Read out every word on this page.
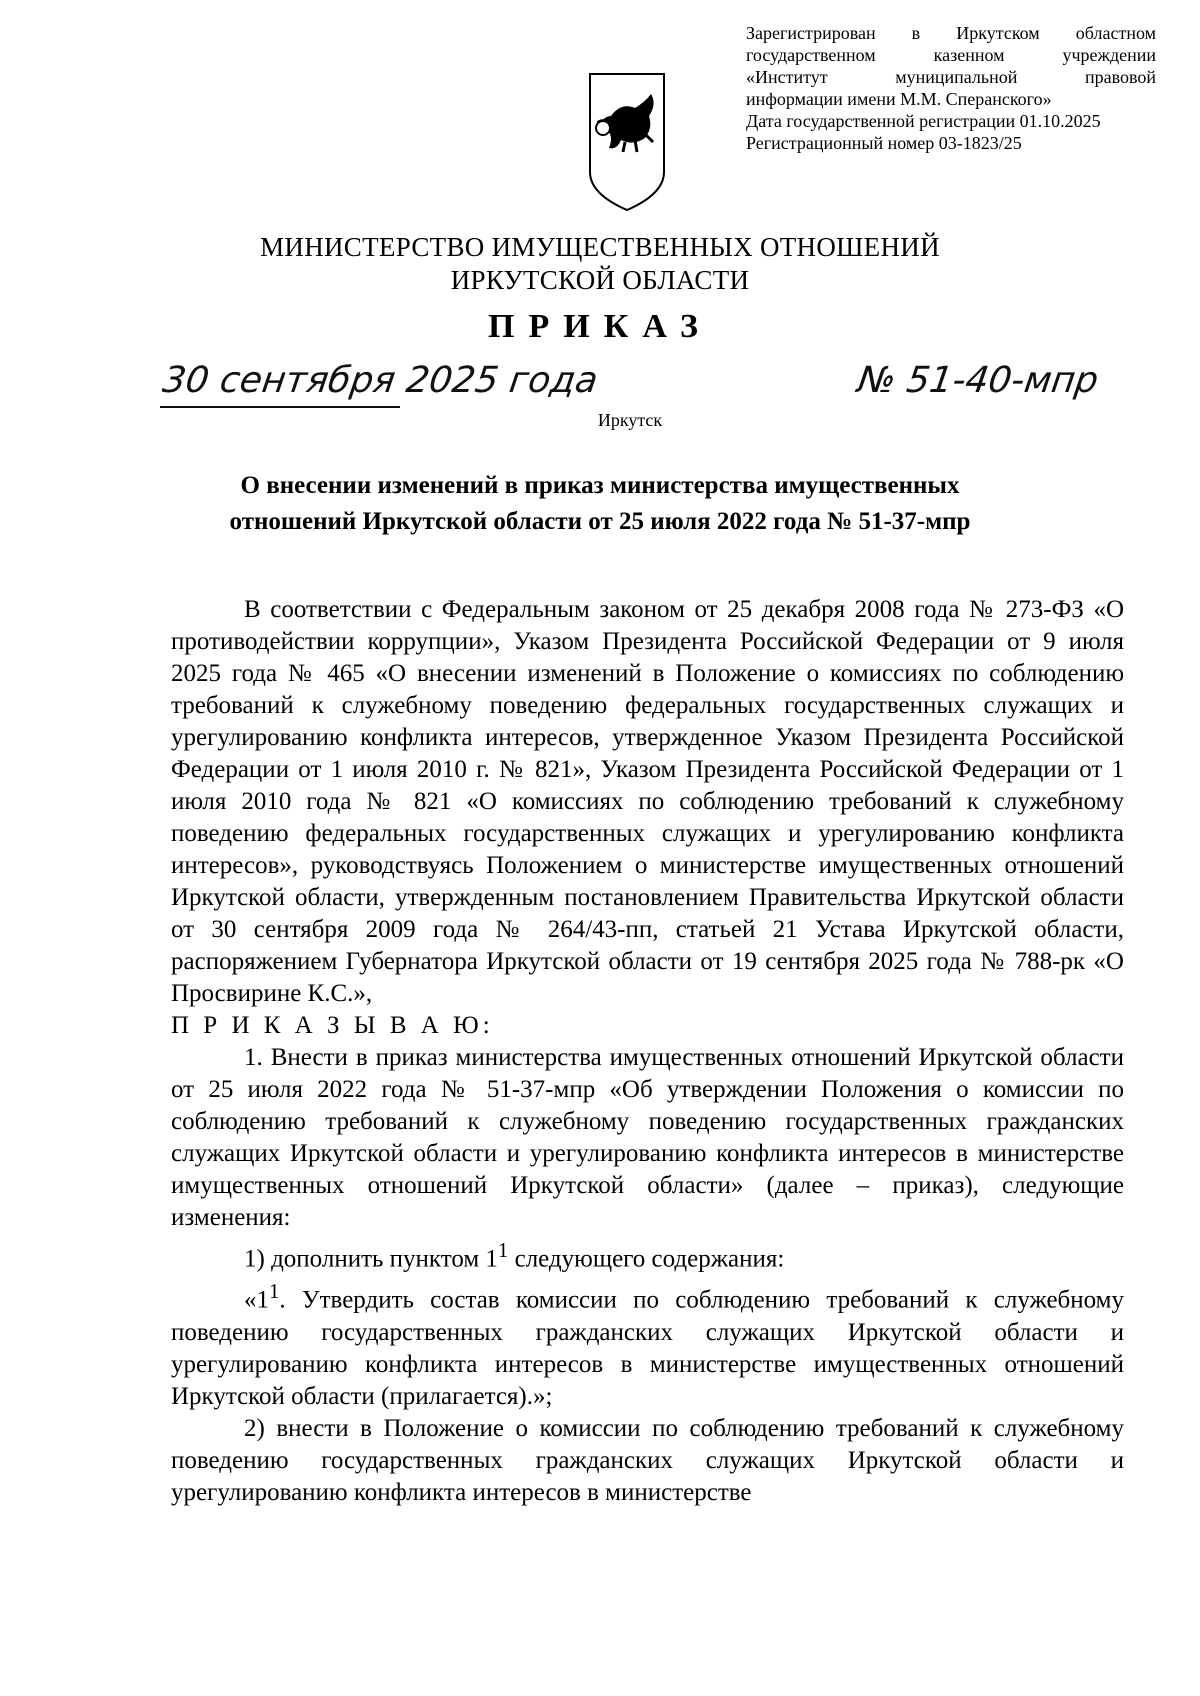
Зарегистрирован в Иркутском областном
государственном казенном учреждении
«Институт муниципальной правовой
информации имени М.М. Сперанского»
Дата государственной регистрации 01.10.2025
Регистрационный номер 03-1823/25
МИНИСТЕРСТВО ИМУЩЕСТВЕННЫХ ОТНОШЕНИЙ
ИРКУТСКОЙ ОБЛАСТИ
ПРИКАЗ
30 сентября 2025 года	№ 51-40-мпр
Иркутск
О внесении изменений в приказ министерства имущественных
отношений Иркутской области от 25 июля 2022 года № 51-37-мпр

В соответствии с Федеральным законом от 25 декабря 2008 года № 273-ФЗ «О противодействии коррупции», Указом Президента Российской Федерации от 9 июля 2025 года № 465 «О внесении изменений в Положение о комиссиях по соблюдению требований к служебному поведению федеральных государственных служащих и урегулированию конфликта интересов, утвержденное Указом Президента Российской Федерации от 1 июля 2010 г. № 821», Указом Президента Российской Федерации от 1 июля 2010 года № 821 «О комиссиях по соблюдению требований к служебному поведению федеральных государственных служащих и урегулированию конфликта интересов», руководствуясь Положением о министерстве имущественных отношений Иркутской области, утвержденным постановлением Правительства Иркутской области от 30 сентября 2009 года № 264/43-пп, статьей 21 Устава Иркутской области, распоряжением Губернатора Иркутской области от 19 сентября 2025 года № 788-рк «О Просвирине К.С.»,

П Р И К А З Ы В А Ю:

1. Внести в приказ министерства имущественных отношений Иркутской области от 25 июля 2022 года № 51-37-мпр «Об утверждении Положения о комиссии по соблюдению требований к служебному поведению государственных гражданских служащих Иркутской области и урегулированию конфликта интересов в министерстве имущественных отношений Иркутской области» (далее – приказ), следующие изменения:

1) дополнить пунктом $1^1$ следующего содержания:

«$1^1$. Утвердить состав комиссии по соблюдению требований к служебному поведению государственных гражданских служащих Иркутской области и урегулированию конфликта интересов в министерстве имущественных отношений Иркутской области (прилагается).»;

2) внести в Положение о комиссии по соблюдению требований к служебному поведению государственных гражданских служащих Иркутской области и урегулированию конфликта интересов в министерстве
